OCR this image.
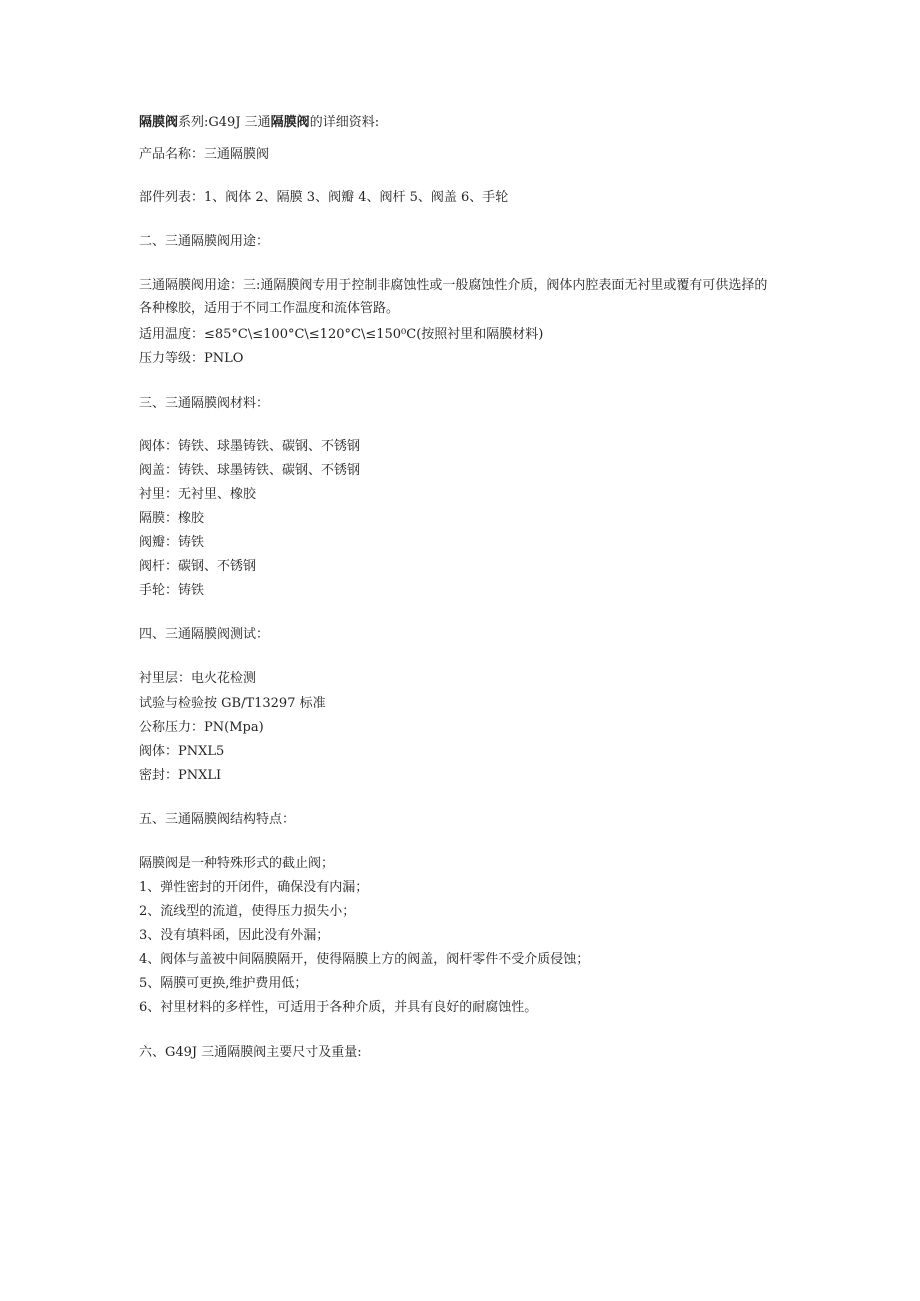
隔膜阀系列:G49J 三通隔膜阀的详细资料:
产品名称：三通隔膜阀
部件列表：1、阀体 2、隔膜 3、阀瓣 4、阀杆 5、阀盖 6、手轮
二、三通隔膜阀用途：
三通隔膜阀用途：三:通隔膜阀专用于控制非腐蚀性或一般腐蚀性介质，阀体内腔表面无衬里或覆有可供选择的各种橡胶，适用于不同工作温度和流体管路。
适用温度：≤85°C\≤100°C\≤120°C\≤150⁰C(按照衬里和隔膜材料)
压力等级：PNLO
三、三通隔膜阀材料：
阀体：铸铁、球墨铸铁、碳钢、不锈钢
阀盖：铸铁、球墨铸铁、碳钢、不锈钢
衬里：无衬里、橡胶
隔膜：橡胶
阀瓣：铸铁
阀杆：碳钢、不锈钢
手轮：铸铁
四、三通隔膜阀测试：
衬里层：电火花检测
试验与检验按 GB/T13297 标准
公称压力：PN(Mpa)
阀体：PNXL5
密封：PNXLI
五、三通隔膜阀结构特点：
隔膜阀是一种特殊形式的截止阀；
1、弹性密封的开闭件，确保没有内漏；
2、流线型的流道，使得压力损失小；
3、没有填料函，因此没有外漏；
4、阀体与盖被中间隔膜隔开，使得隔膜上方的阀盖，阀杆零件不受介质侵蚀；
5、隔膜可更换,维护费用低；
6、衬里材料的多样性，可适用于各种介质，并具有良好的耐腐蚀性。
六、G49J 三通隔膜阀主要尺寸及重量:
